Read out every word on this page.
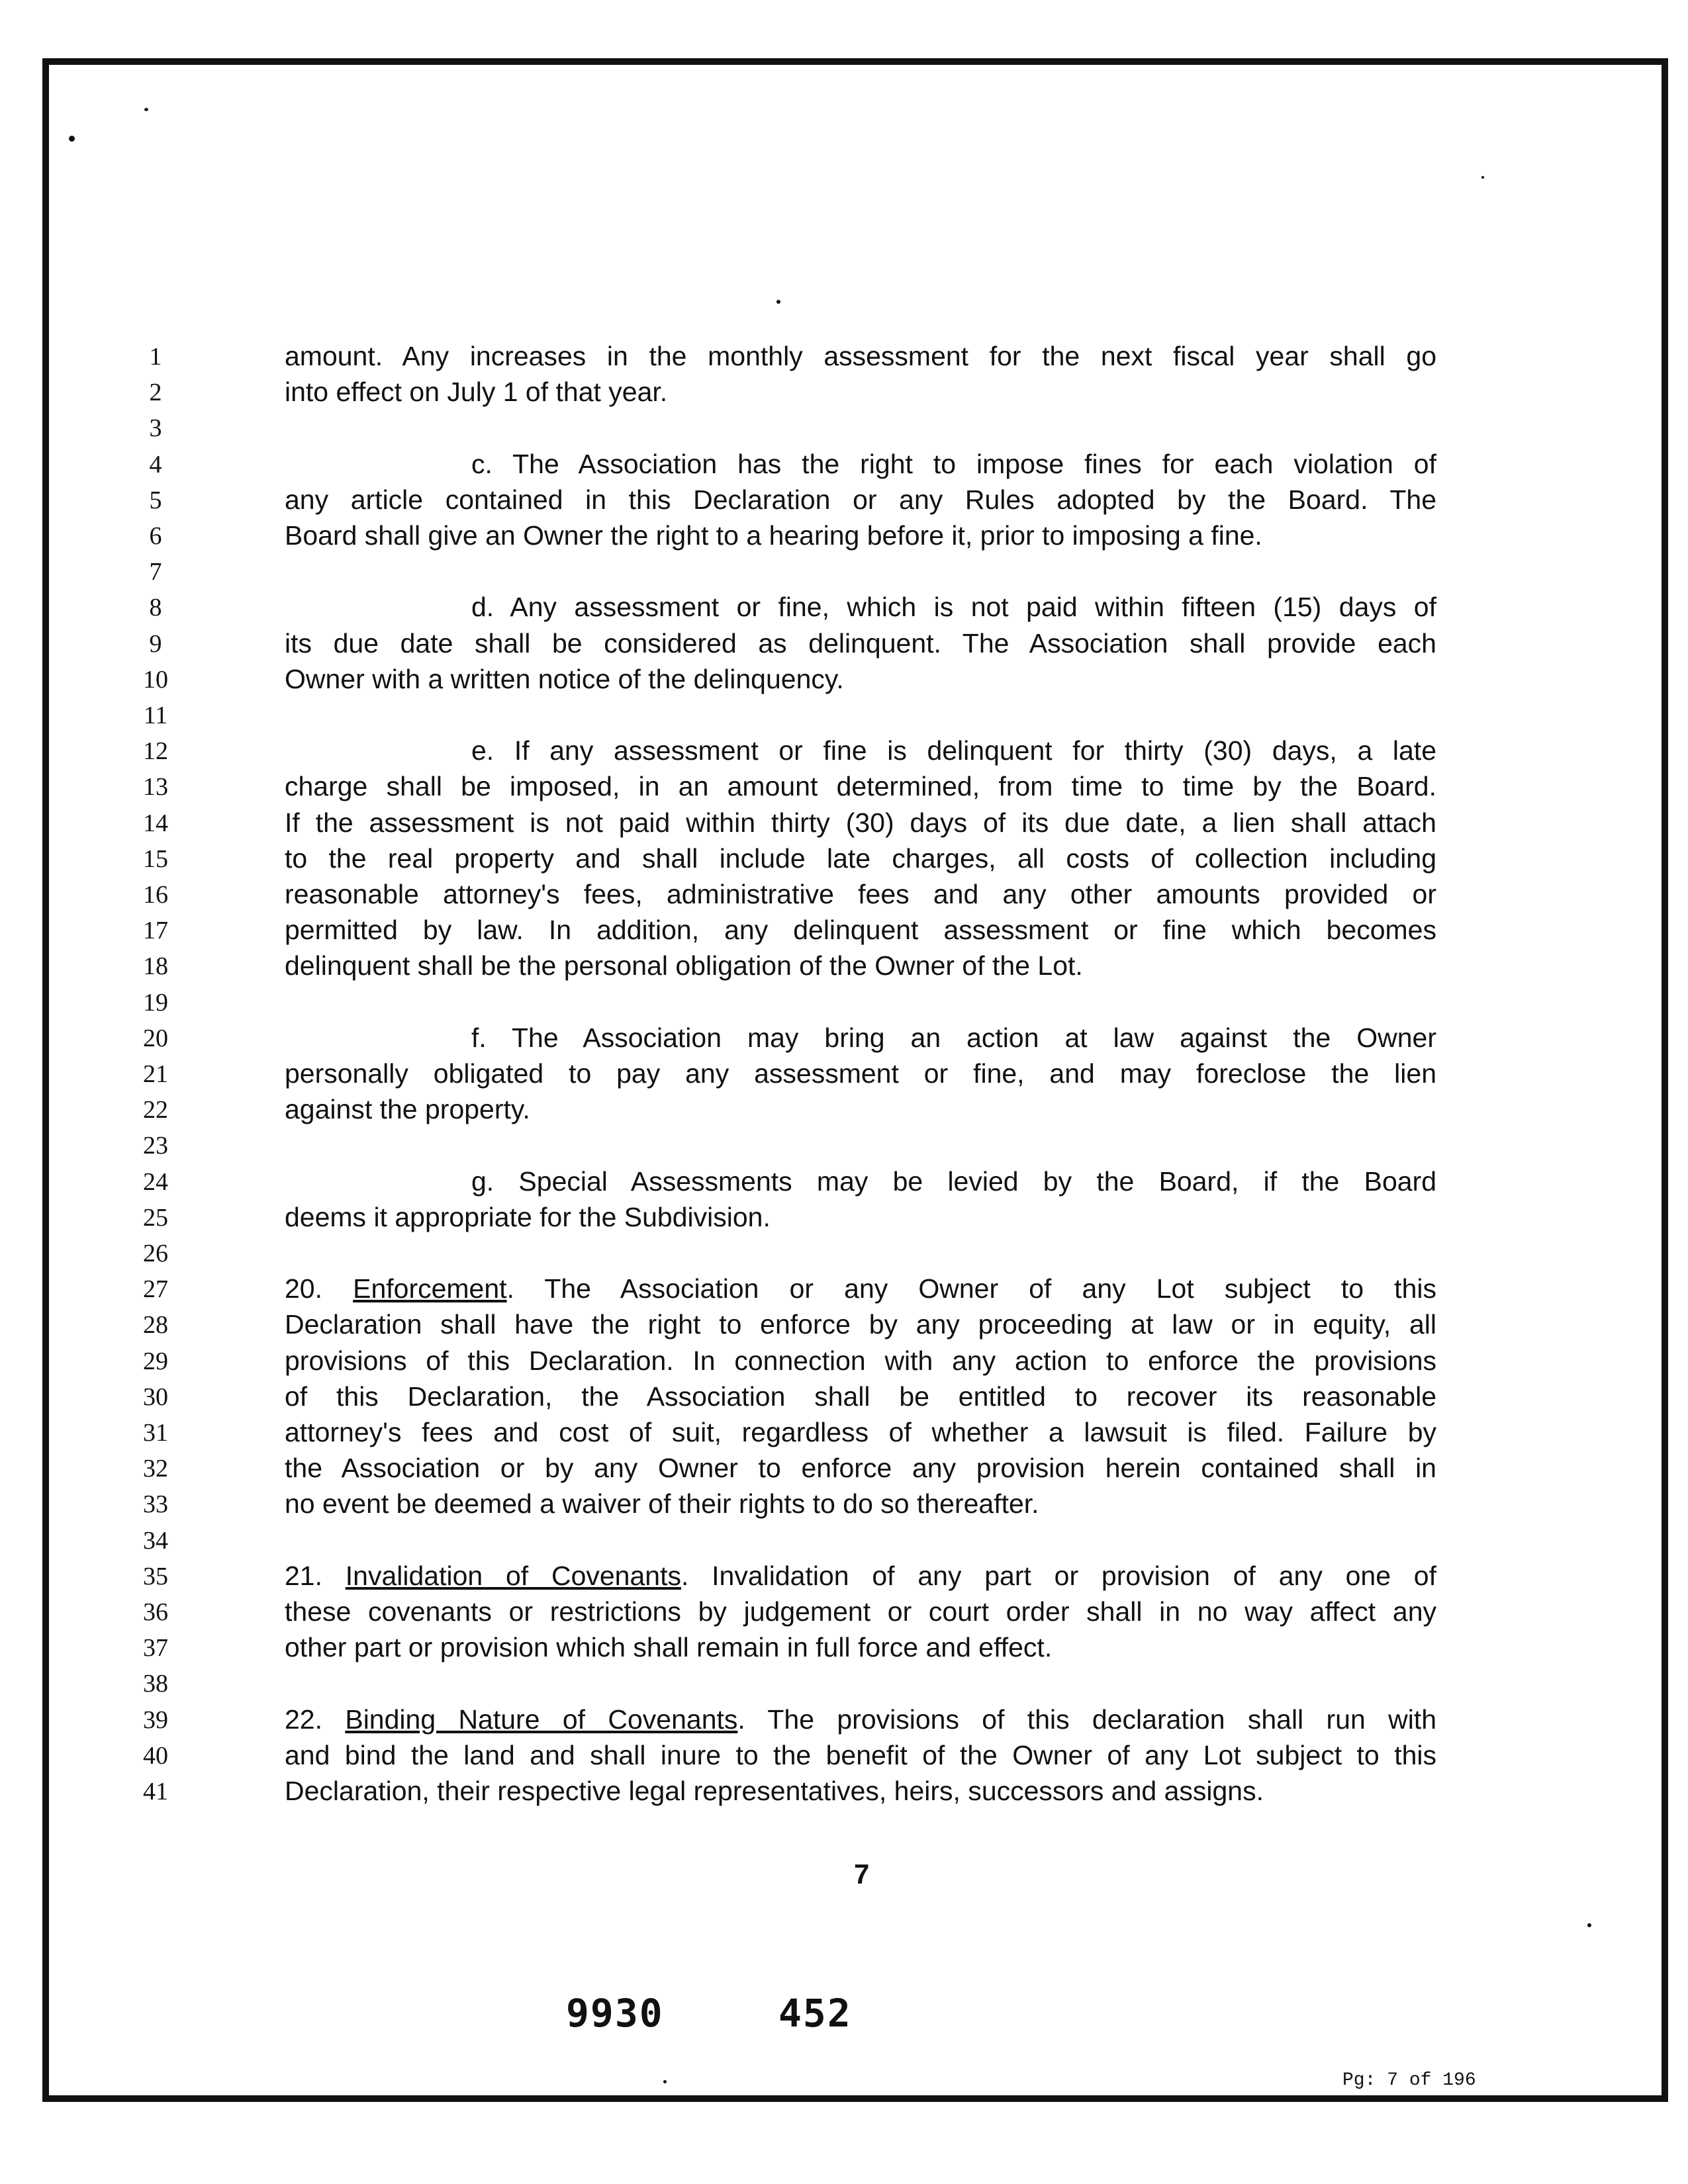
1	amount. Any increases in the monthly assessment for the next fiscal year shall go
2	into effect on July 1 of that year.
3
4	c. The Association has the right to impose fines for each violation of
5	any article contained in this Declaration or any Rules adopted by the Board. The
6	Board shall give an Owner the right to a hearing before it, prior to imposing a fine.
7
8	d. Any assessment or fine, which is not paid within fifteen (15) days of
9	its due date shall be considered as delinquent. The Association shall provide each
10	Owner with a written notice of the delinquency.
11
12	e. If any assessment or fine is delinquent for thirty (30) days, a late
13	charge shall be imposed, in an amount determined, from time to time by the Board.
14	If the assessment is not paid within thirty (30) days of its due date, a lien shall attach
15	to the real property and shall include late charges, all costs of collection including
16	reasonable attorney's fees, administrative fees and any other amounts provided or
17	permitted by law. In addition, any delinquent assessment or fine which becomes
18	delinquent shall be the personal obligation of the Owner of the Lot.
19
20	f. The Association may bring an action at law against the Owner
21	personally obligated to pay any assessment or fine, and may foreclose the lien
22	against the property.
23
24	g. Special Assessments may be levied by the Board, if the Board
25	deems it appropriate for the Subdivision.
26
27	20. Enforcement. The Association or any Owner of any Lot subject to this
28	Declaration shall have the right to enforce by any proceeding at law or in equity, all
29	provisions of this Declaration. In connection with any action to enforce the provisions
30	of this Declaration, the Association shall be entitled to recover its reasonable
31	attorney's fees and cost of suit, regardless of whether a lawsuit is filed. Failure by
32	the Association or by any Owner to enforce any provision herein contained shall in
33	no event be deemed a waiver of their rights to do so thereafter.
34
35	21. Invalidation of Covenants. Invalidation of any part or provision of any one of
36	these covenants or restrictions by judgement or court order shall in no way affect any
37	other part or provision which shall remain in full force and effect.
38
39	22. Binding Nature of Covenants. The provisions of this declaration shall run with
40	and bind the land and shall inure to the benefit of the Owner of any Lot subject to this
41	Declaration, their respective legal representatives, heirs, successors and assigns.
7
9930	452
Pg: 7 of 196
